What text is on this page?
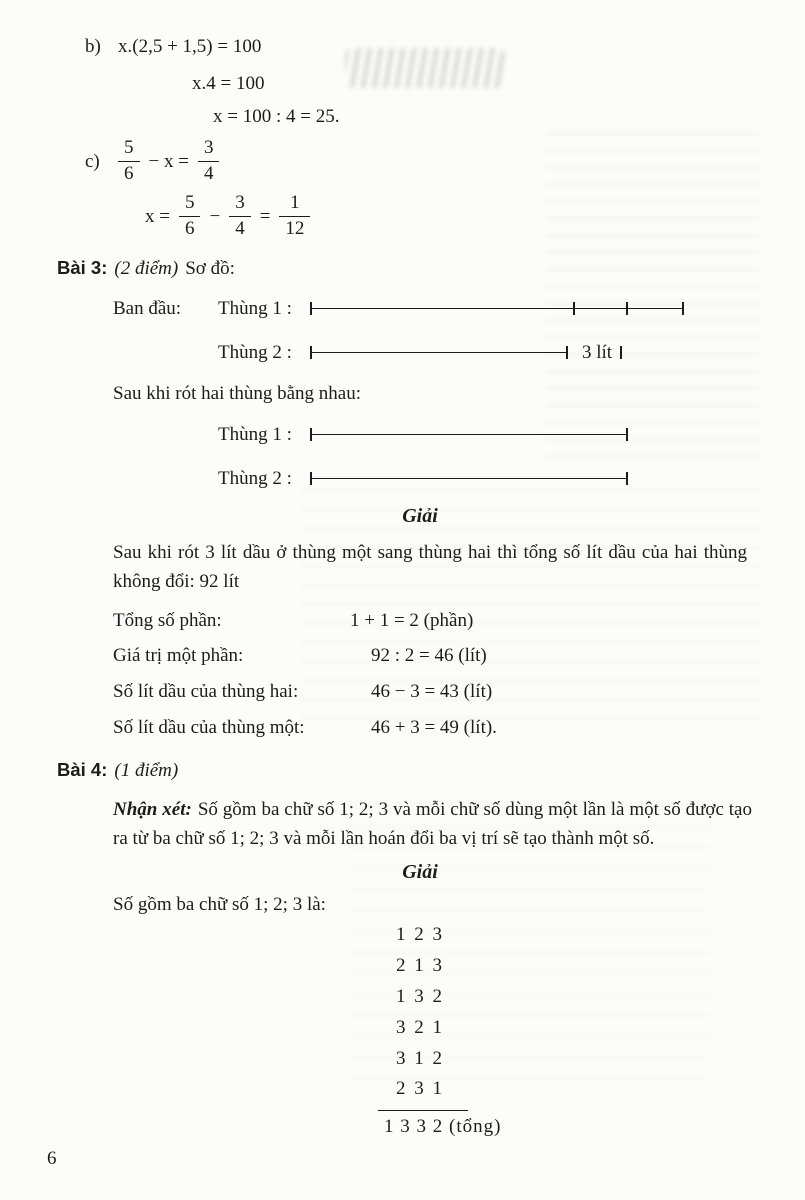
b) x.(2,5 + 1,5) = 100
x.4 = 100
x = 100 : 4 = 25.
$c) \frac{5}{6} - x = \frac{3}{4}$
$x = \frac{5}{6} - \frac{3}{4} = \frac{1}{12}$
Bài 3: (2 điểm) Sơ đồ:
Ban đầu:	Thùng 1 :
Thùng 2 :	3 lít
Sau khi rót hai thùng bằng nhau:
Thùng 1 :
Thùng 2 :
Giải

Sau khi rót 3 lít dầu ở thùng một sang thùng hai thì tổng số lít dầu của hai thùng không đổi: 92 lít

Tổng số phần:	1 + 1 = 2 (phần)
Giá trị một phần:	92 : 2 = 46 (lít)
Số lít dầu của thùng hai:	46 − 3 = 43 (lít)
Số lít dầu của thùng một:	46 + 3 = 49 (lít).
Bài 4: (1 điểm)

Nhận xét: Số gồm ba chữ số 1; 2; 3 và mỗi chữ số dùng một lần là một số được tạo ra từ ba chữ số 1; 2; 3 và mỗi lần hoán đổi ba vị trí sẽ tạo thành một số.

Giải
Số gồm ba chữ số 1; 2; 3 là:
1 2 3
2 1 3
1 3 2
3 2 1
3 1 2
2 3 1
1 3 3 2 (tổng)
6
